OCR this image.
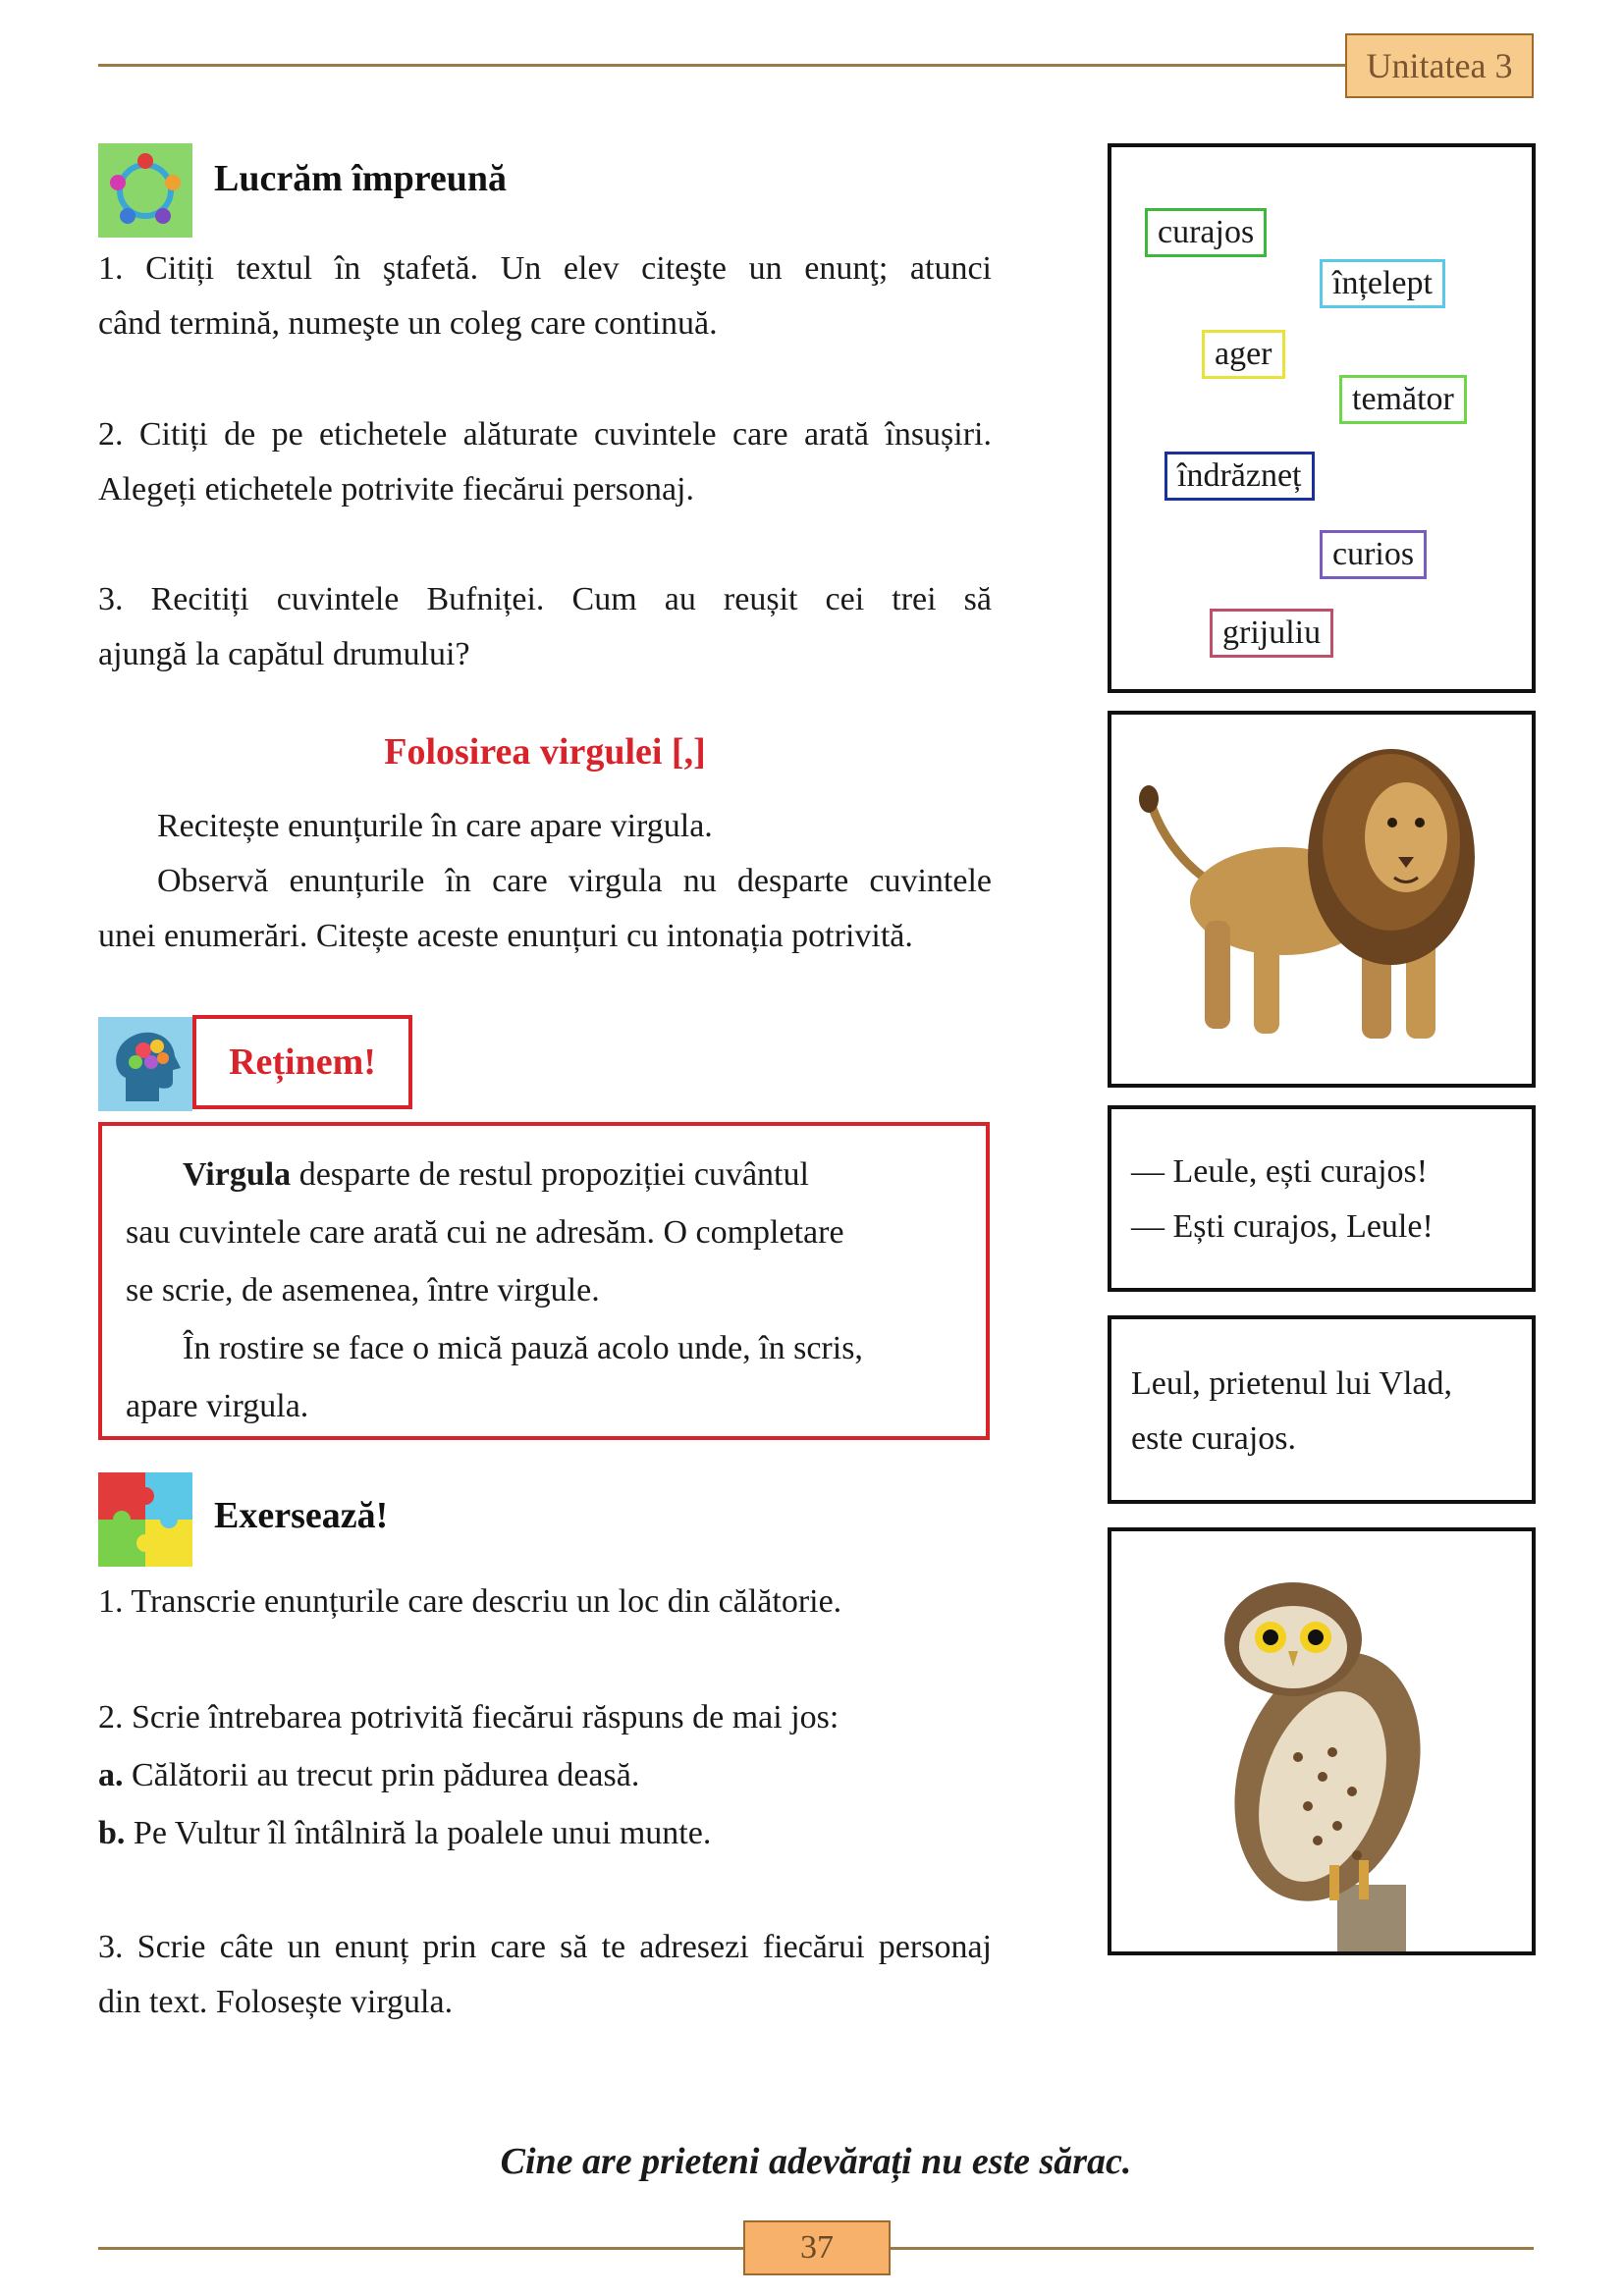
Unitatea 3
Lucrăm împreună
1. Citiți textul în ştafetă. Un elev citeşte un enunţ; atunci
când termină, numeşte un coleg care continuă.
2. Citiți de pe etichetele alăturate cuvintele care arată însușiri.
Alegeți etichetele potrivite fiecărui personaj.
3. Recitiți cuvintele Bufniței. Cum au reușit cei trei să
ajungă la capătul drumului?
Folosirea virgulei [,]
Recitește enunțurile în care apare virgula.
Observă enunțurile în care virgula nu desparte cuvintele
unei enumerări. Citește aceste enunțuri cu intonația potrivită.
Reținem!

Virgula desparte de restul propoziției cuvântul

sau cuvintele care arată cui ne adresăm. O completare

se scrie, de asemenea, între virgule.

În rostire se face o mică pauză acolo unde, în scris,

apare virgula.

Exersează!
1. Transcrie enunțurile care descriu un loc din călătorie.
2. Scrie întrebarea potrivită fiecărui răspuns de mai jos:
a. Călătorii au trecut prin pădurea deasă.
b. Pe Vultur îl întâlniră la poalele unui munte.
3. Scrie câte un enunț prin care să te adresezi fiecărui personaj
din text. Folosește virgula.
curajos
înțelept
ager
temător
îndrăzneț
curios
grijuliu
— Leule, ești curajos!
— Ești curajos, Leule!
Leul, prietenul lui Vlad,
este curajos.
Cine are prieteni adevărați nu este sărac.
37
